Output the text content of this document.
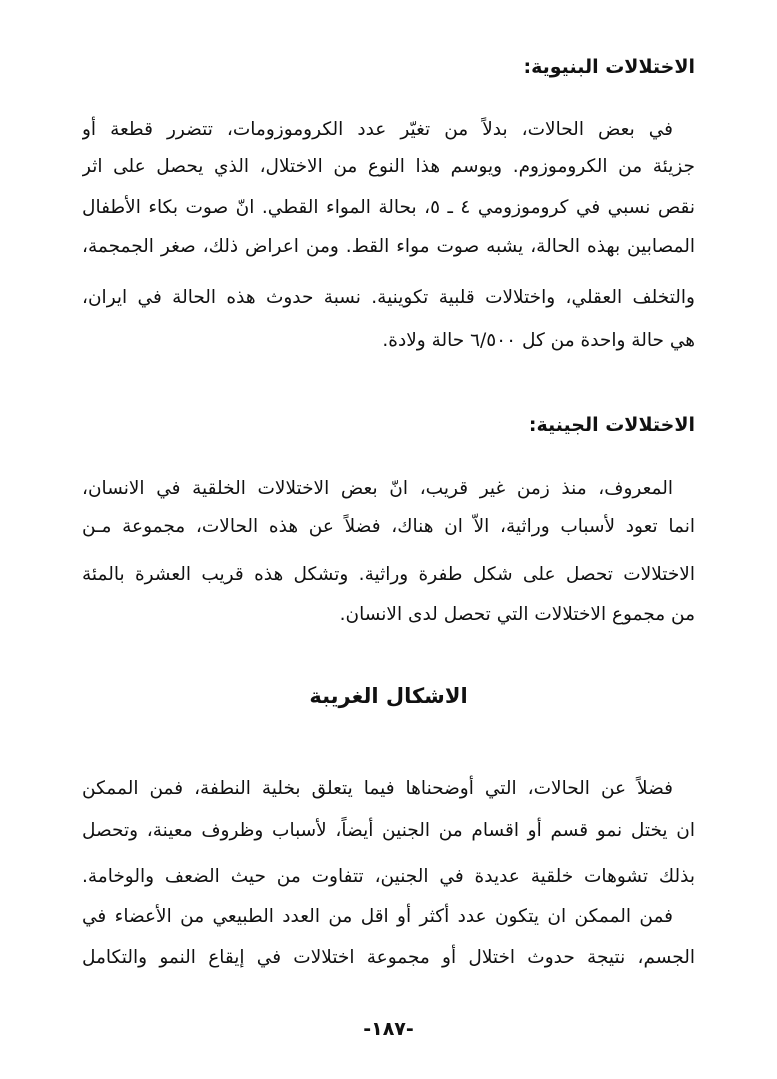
الاختلالات البنيوية:

في بعض الحالات، بدلاً من تغيّر عدد الكروموزومات، تتضرر قطعة أو

جزيئة من الكروموزوم. ويوسم هذا النوع من الاختلال، الذي يحصل على اثر

نقص نسبي في كروموزومي ٤ ـ ٥، بحالة المواء القطي. انّ صوت بكاء الأطفال

المصابين بهذه الحالة، يشبه صوت مواء القط. ومن اعراض ذلك، صغر الجمجمة،

والتخلف العقلي، واختلالات قلبية تكوينية. نسبة حدوث هذه الحالة في ايران،

هي حالة واحدة من كل ٦/٥٠٠ حالة ولادة.

الاختلالات الجينية:

المعروف، منذ زمن غير قريب، انّ بعض الاختلالات الخلقية في الانسان،

انما تعود لأسباب وراثية، الاّ ان هناك، فضلاً عن هذه الحالات، مجموعة مـن

الاختلالات تحصل على شكل طفرة وراثية. وتشكل هذه قريب العشرة بالمئة

من مجموع الاختلالات التي تحصل لدى الانسان.

الاشكال الغريبة

فضلاً عن الحالات، التي أوضحناها فيما يتعلق بخلية النطفة، فمن الممكن

ان يختل نمو قسم أو اقسام من الجنين أيضاً، لأسباب وظروف معينة، وتحصل

بذلك تشوهات خلقية عديدة في الجنين، تتفاوت من حيث الضعف والوخامة.

فمن الممكن ان يتكون عدد أكثر أو اقل من العدد الطبيعي من الأعضاء في

الجسم، نتيجة حدوث اختلال أو مجموعة اختلالات في إيقاع النمو والتكامل

-١٨٧-
